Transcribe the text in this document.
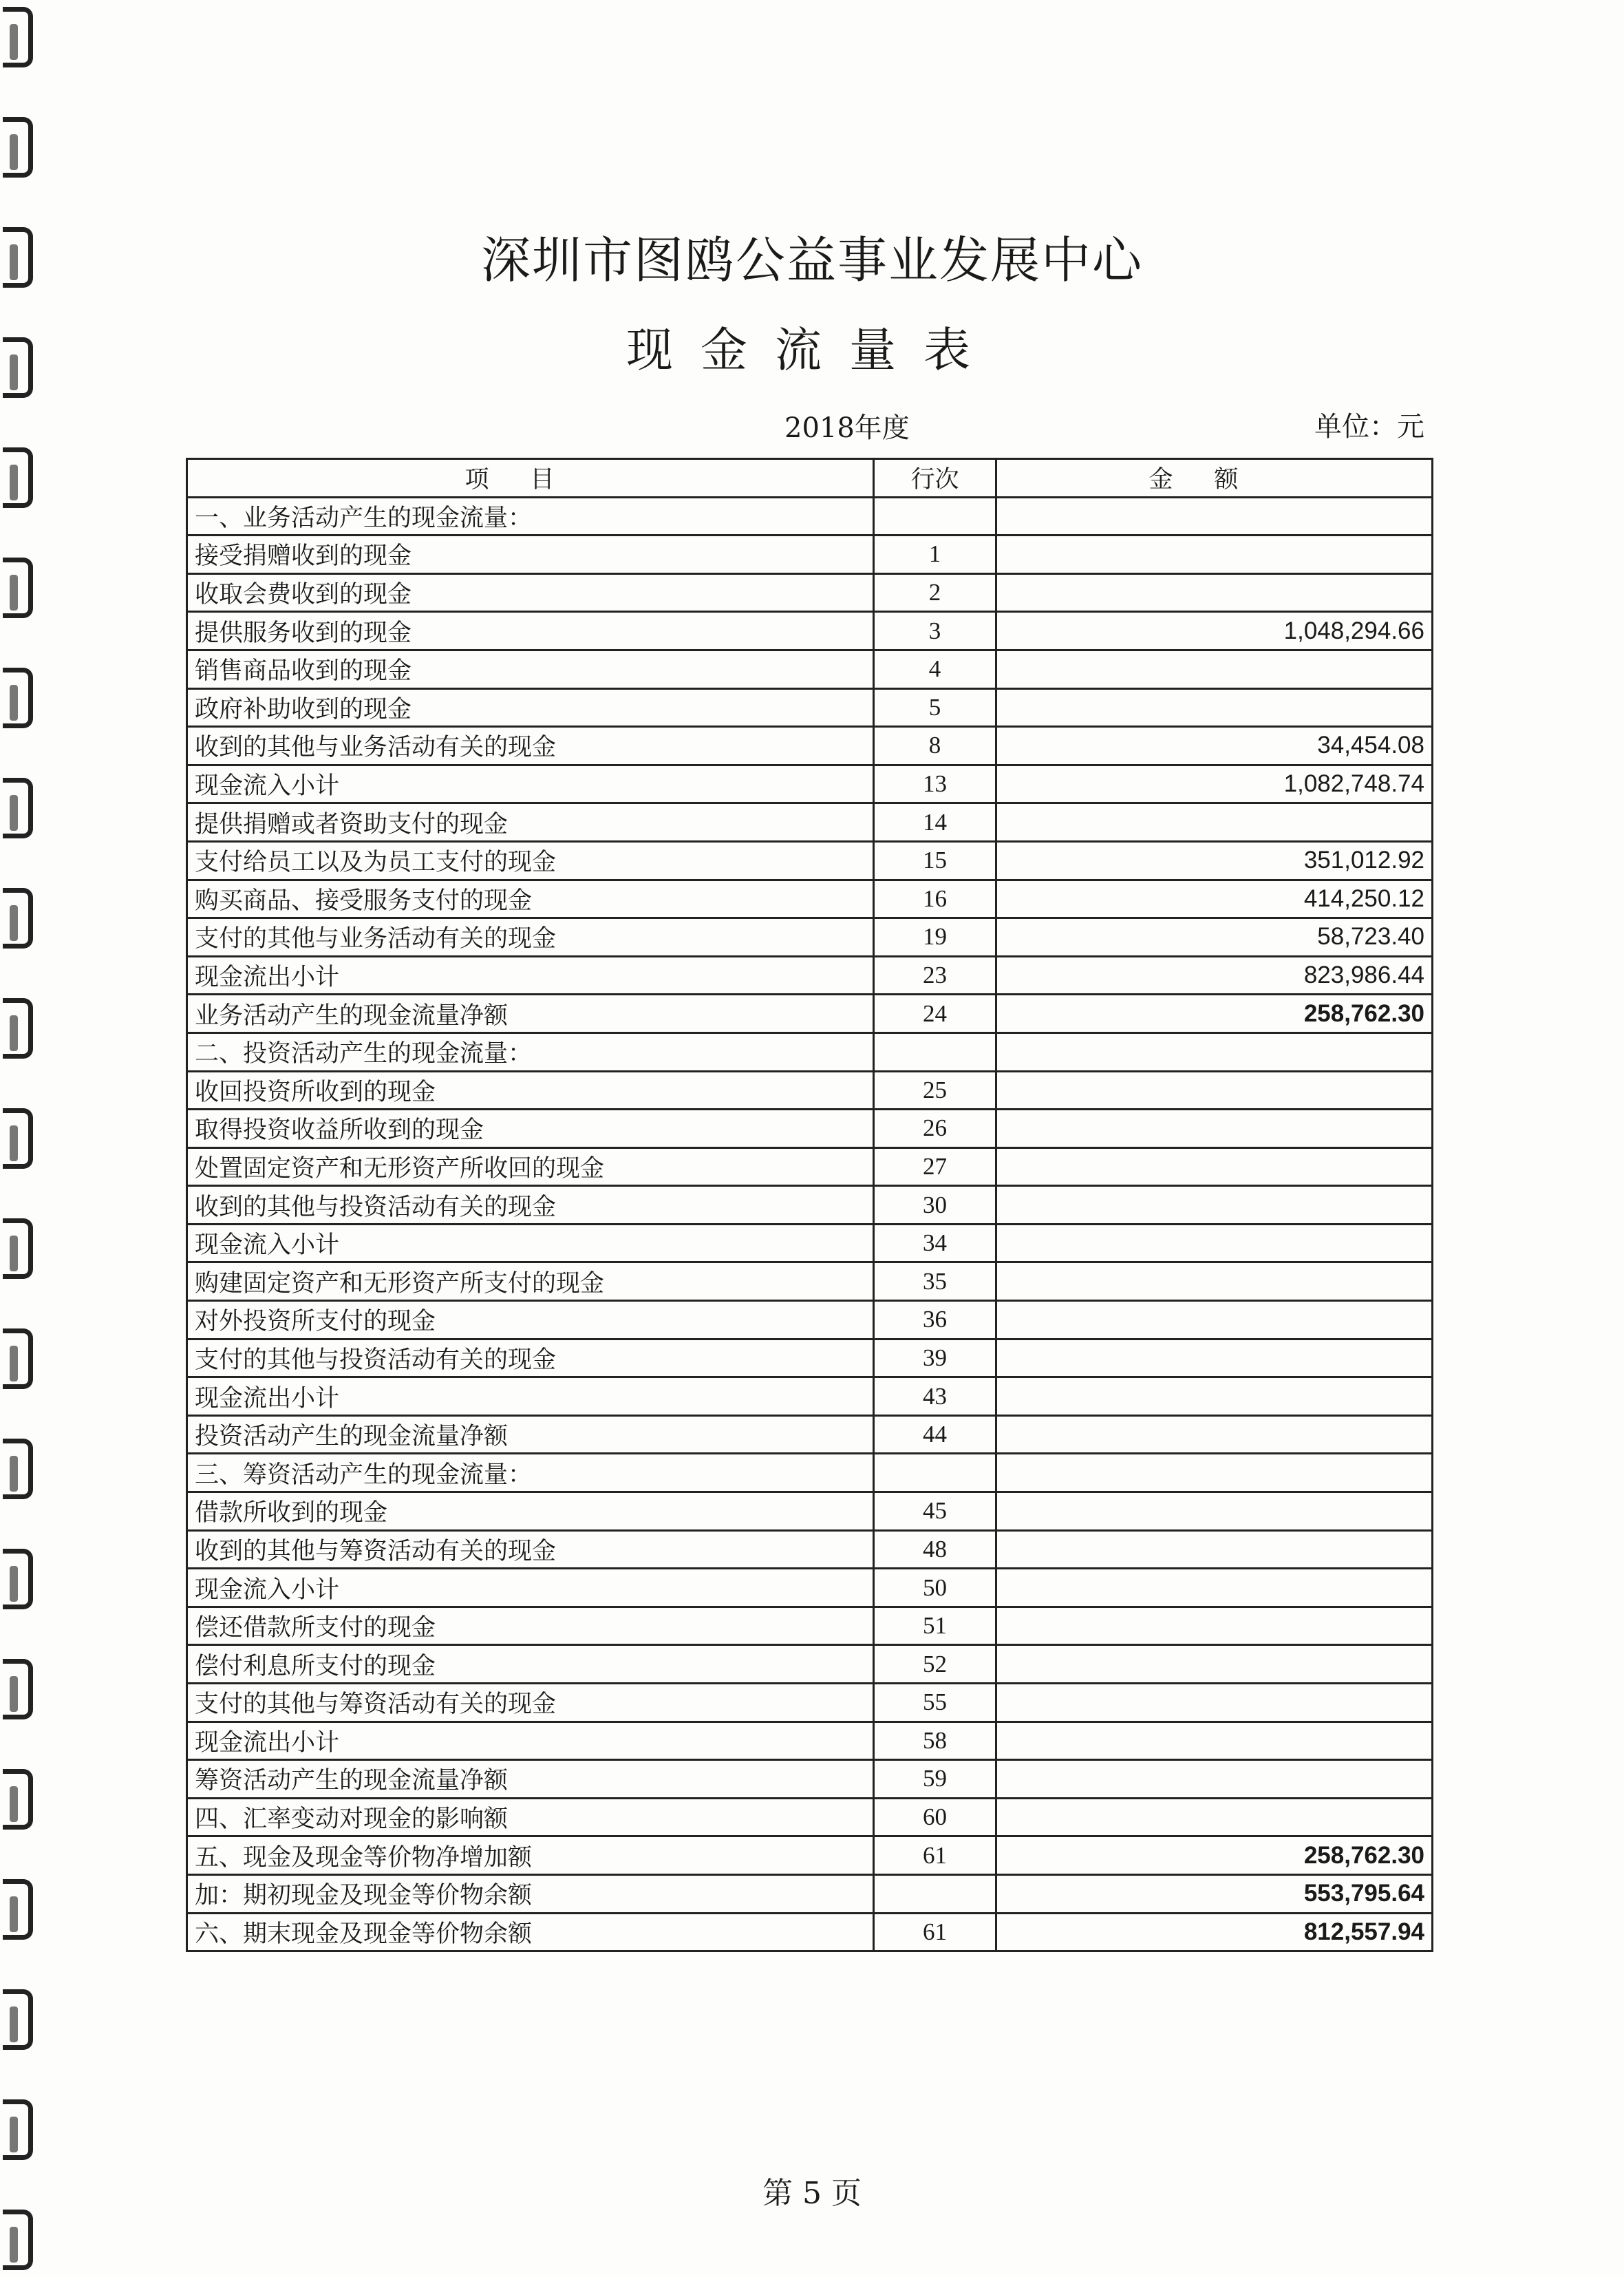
深圳市图鸥公益事业发展中心
现金流量表
2018年度	单位：元
项目	行次	金额
一、业务活动产生的现金流量：		
接受捐赠收到的现金	1	
收取会费收到的现金	2	
提供服务收到的现金	3	1,048,294.66
销售商品收到的现金	4	
政府补助收到的现金	5	
收到的其他与业务活动有关的现金	8	34,454.08
现金流入小计	13	1,082,748.74
提供捐赠或者资助支付的现金	14	
支付给员工以及为员工支付的现金	15	351,012.92
购买商品、接受服务支付的现金	16	414,250.12
支付的其他与业务活动有关的现金	19	58,723.40
现金流出小计	23	823,986.44
业务活动产生的现金流量净额	24	258,762.30
二、投资活动产生的现金流量：		
收回投资所收到的现金	25	
取得投资收益所收到的现金	26	
处置固定资产和无形资产所收回的现金	27	
收到的其他与投资活动有关的现金	30	
现金流入小计	34	
购建固定资产和无形资产所支付的现金	35	
对外投资所支付的现金	36	
支付的其他与投资活动有关的现金	39	
现金流出小计	43	
投资活动产生的现金流量净额	44	
三、筹资活动产生的现金流量：		
借款所收到的现金	45	
收到的其他与筹资活动有关的现金	48	
现金流入小计	50	
偿还借款所支付的现金	51	
偿付利息所支付的现金	52	
支付的其他与筹资活动有关的现金	55	
现金流出小计	58	
筹资活动产生的现金流量净额	59	
四、汇率变动对现金的影响额	60	
五、现金及现金等价物净增加额	61	258,762.30
加：期初现金及现金等价物余额		553,795.64
六、期末现金及现金等价物余额	61	812,557.94
第 5 页
